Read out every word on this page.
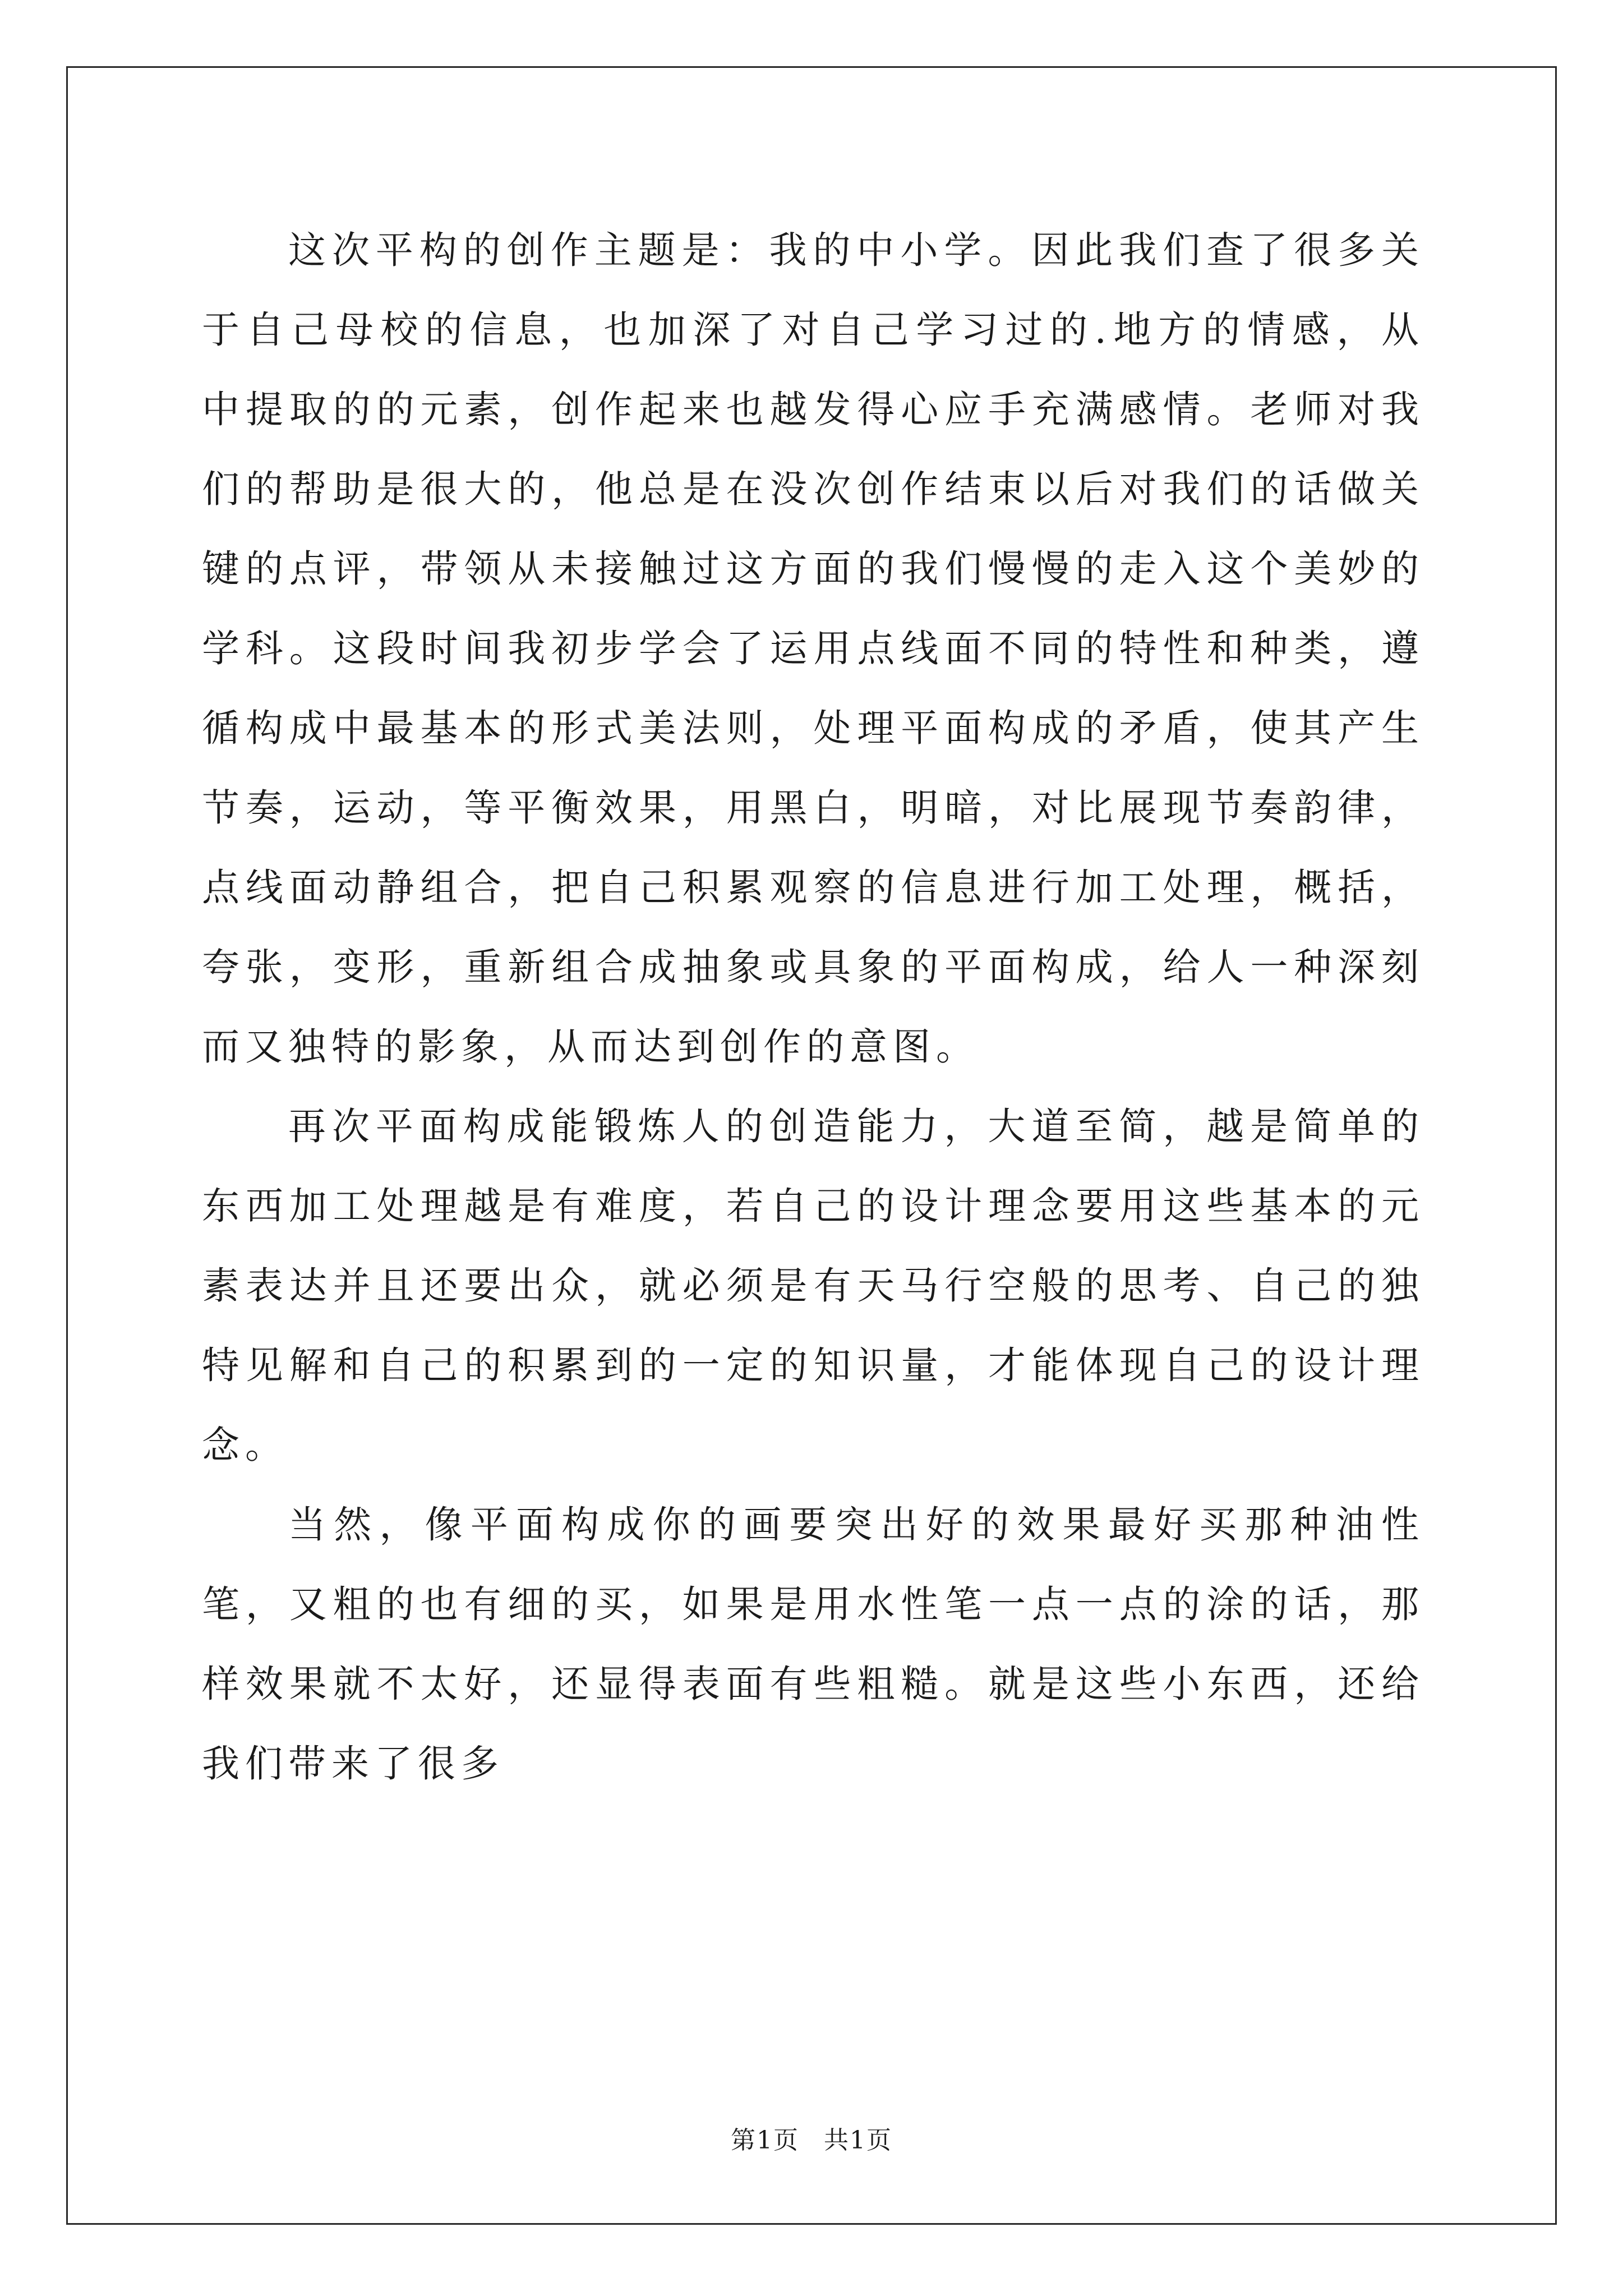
这次平构的创作主题是：我的中小学。因此我们查了很多关于自己母校的信息，也加深了对自己学习过的.地方的情感，从中提取的的元素，创作起来也越发得心应手充满感情。老师对我们的帮助是很大的，他总是在没次创作结束以后对我们的话做关键的点评，带领从未接触过这方面的我们慢慢的走入这个美妙的学科。这段时间我初步学会了运用点线面不同的特性和种类，遵循构成中最基本的形式美法则，处理平面构成的矛盾，使其产生节奏，运动，等平衡效果，用黑白，明暗，对比展现节奏韵律，点线面动静组合，把自己积累观察的信息进行加工处理，概括，夸张，变形，重新组合成抽象或具象的平面构成，给人一种深刻而又独特的影象，从而达到创作的意图。

再次平面构成能锻炼人的创造能力，大道至简，越是简单的东西加工处理越是有难度，若自己的设计理念要用这些基本的元素表达并且还要出众，就必须是有天马行空般的思考、自己的独特见解和自己的积累到的一定的知识量，才能体现自己的设计理念。

当然，像平面构成你的画要突出好的效果最好买那种油性笔，又粗的也有细的买，如果是用水性笔一点一点的涂的话，那样效果就不太好，还显得表面有些粗糙。就是这些小东西，还给我们带来了很多

第1页 共1页
